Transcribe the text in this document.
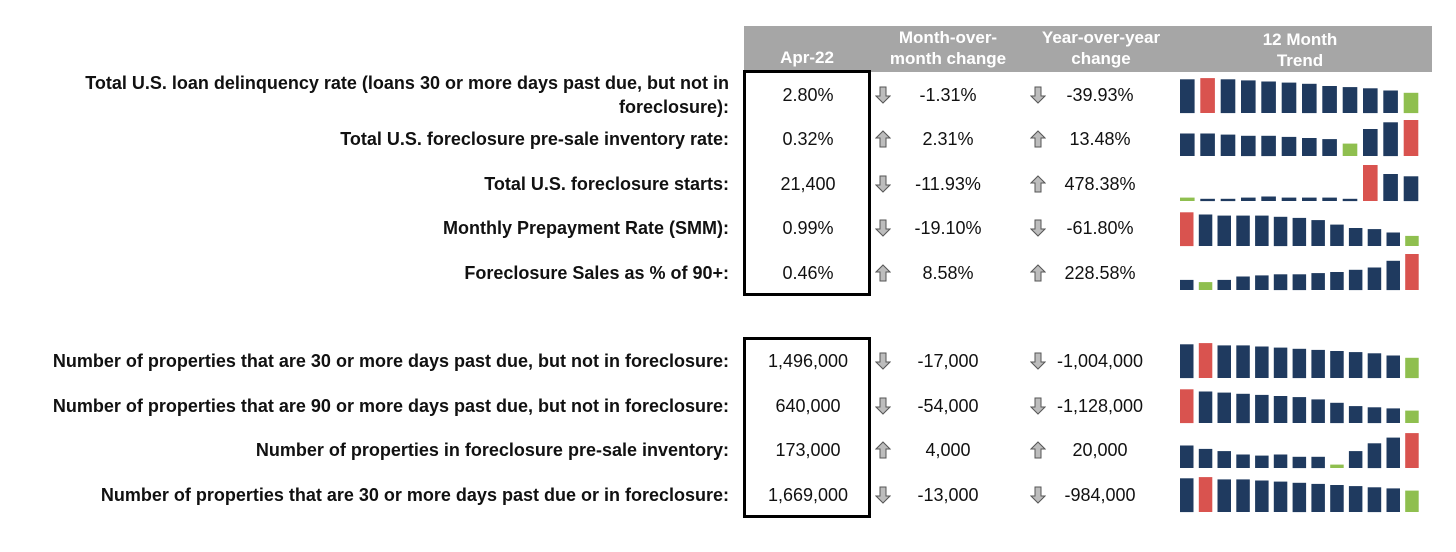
Apr-22
Month-over-
month change
Year-over-year
change
12 Month
Trend
Total U.S. loan delinquency rate (loans 30 or more days past due, but not in
foreclosure):
2.80%	-1.31%	-39.93%
Total U.S. foreclosure pre-sale inventory rate:	0.32%	2.31%	13.48%
Total U.S. foreclosure starts:	21,400	-11.93%	478.38%
Monthly Prepayment Rate (SMM):	0.99%	-19.10%	-61.80%
Foreclosure Sales as % of 90+:	0.46%	8.58%	228.58%
Number of properties that are 30 or more days past due, but not in foreclosure:	1,496,000	-17,000	-1,004,000
Number of properties that are 90 or more days past due, but not in foreclosure:	640,000	-54,000	-1,128,000
Number of properties in foreclosure pre-sale inventory:	173,000	4,000	20,000
Number of properties that are 30 or more days past due or in foreclosure:	1,669,000	-13,000	-984,000
